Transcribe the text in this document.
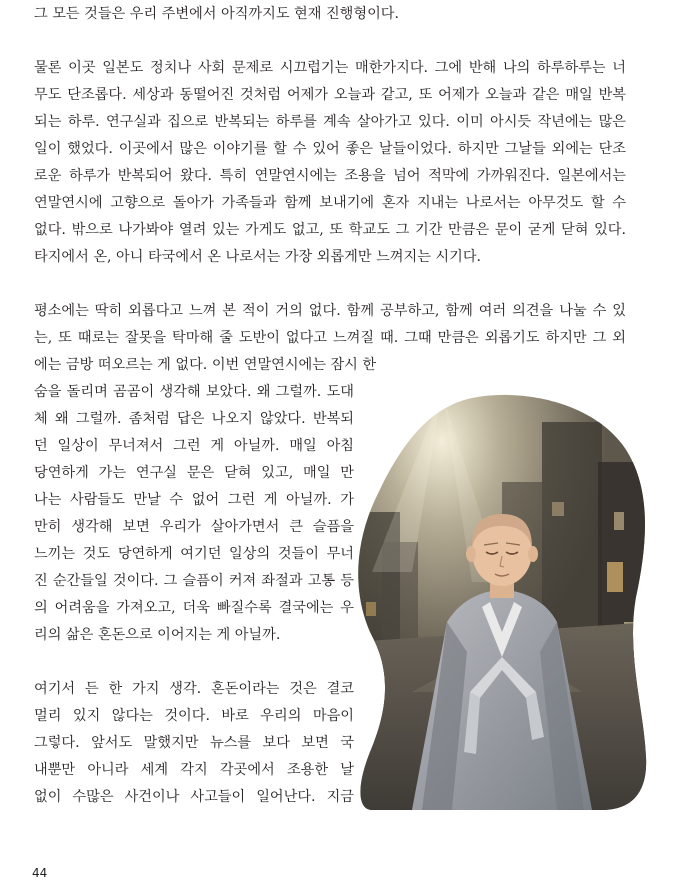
그 모든 것들은 우리 주변에서 아직까지도 현재 진행형이다.

물론 이곳 일본도 정치나 사회 문제로 시끄럽기는 매한가지다. 그에 반해 나의 하루하루는 너

무도 단조롭다. 세상과 동떨어진 것처럼 어제가 오늘과 같고, 또 어제가 오늘과 같은 매일 반복

되는 하루. 연구실과 집으로 반복되는 하루를 계속 살아가고 있다. 이미 아시듯 작년에는 많은

일이 했었다. 이곳에서 많은 이야기를 할 수 있어 좋은 날들이었다. 하지만 그날들 외에는 단조

로운 하루가 반복되어 왔다. 특히 연말연시에는 조용을 넘어 적막에 가까워진다. 일본에서는

연말연시에 고향으로 돌아가 가족들과 함께 보내기에 혼자 지내는 나로서는 아무것도 할 수

없다. 밖으로 나가봐야 열려 있는 가게도 없고, 또 학교도 그 기간 만큼은 문이 굳게 닫혀 있다.

타지에서 온, 아니 타국에서 온 나로서는 가장 외롭게만 느껴지는 시기다.

평소에는 딱히 외롭다고 느껴 본 적이 거의 없다. 함께 공부하고, 함께 여러 의견을 나눌 수 있

는, 또 때로는 잘못을 탁마해 줄 도반이 없다고 느껴질 때. 그때 만큼은 외롭기도 하지만 그 외

에는 금방 떠오르는 게 없다. 이번 연말연시에는 잠시 한

숨을 돌리며 곰곰이 생각해 보았다. 왜 그럴까. 도대

체 왜 그럴까. 좀처럼 답은 나오지 않았다. 반복되

던 일상이 무너져서 그런 게 아닐까. 매일 아침

당연하게 가는 연구실 문은 닫혀 있고, 매일 만

나는 사람들도 만날 수 없어 그런 게 아닐까. 가

만히 생각해 보면 우리가 살아가면서 큰 슬픔을

느끼는 것도 당연하게 여기던 일상의 것들이 무너

진 순간들일 것이다. 그 슬픔이 커져 좌절과 고통 등

의 어려움을 가져오고, 더욱 빠질수록 결국에는 우

리의 삶은 혼돈으로 이어지는 게 아닐까.

여기서 든 한 가지 생각. 혼돈이라는 것은 결코

멀리 있지 않다는 것이다. 바로 우리의 마음이

그렇다. 앞서도 말했지만 뉴스를 보다 보면 국

내뿐만 아니라 세계 각지 각곳에서 조용한 날

없이 수많은 사건이나 사고들이 일어난다. 지금

44
